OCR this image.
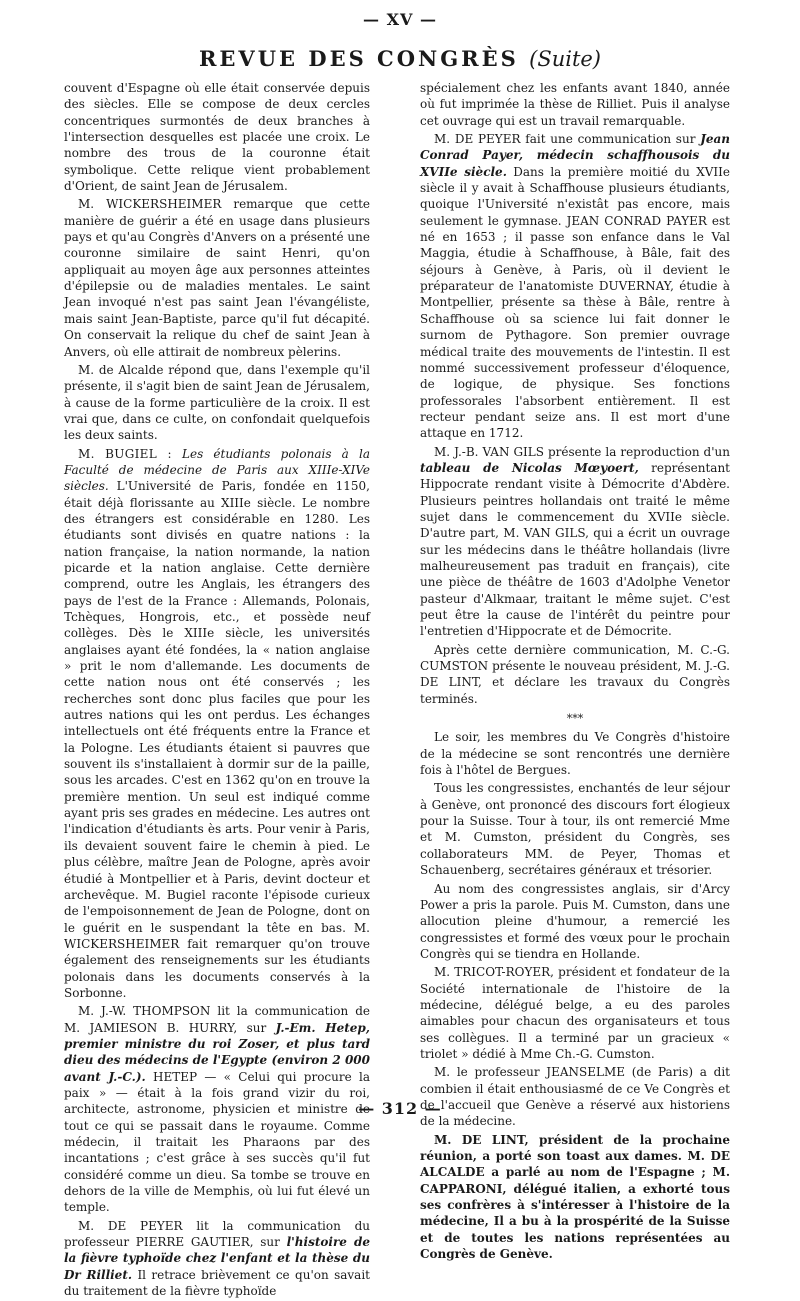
— XV —
REVUE DES CONGRÈS (Suite)

couvent d'Espagne où elle était conservée depuis des siècles. Elle se compose de deux cercles concentriques surmontés de deux branches à l'intersection desquelles est placée une croix. Le nombre des trous de la couronne était symbolique. Cette relique vient probablement d'Orient, de saint Jean de Jérusalem.

M. WICKERSHEIMER remarque que cette manière de guérir a été en usage dans plusieurs pays et qu'au Congrès d'Anvers on a présenté une couronne similaire de saint Henri, qu'on appliquait au moyen âge aux personnes atteintes d'épilepsie ou de maladies mentales. Le saint Jean invoqué n'est pas saint Jean l'évangéliste, mais saint Jean-Baptiste, parce qu'il fut décapité. On conservait la relique du chef de saint Jean à Anvers, où elle attirait de nombreux pèlerins.

M. de Alcalde répond que, dans l'exemple qu'il présente, il s'agit bien de saint Jean de Jérusalem, à cause de la forme particulière de la croix. Il est vrai que, dans ce culte, on confondait quelquefois les deux saints.

M. BUGIEL : Les étudiants polonais à la Faculté de médecine de Paris aux XIIIe-XIVe siècles. L'Université de Paris, fondée en 1150, était déjà florissante au XIIIe siècle. Le nombre des étrangers est considérable en 1280. Les étudiants sont divisés en quatre nations : la nation française, la nation normande, la nation picarde et la nation anglaise. Cette dernière comprend, outre les Anglais, les étrangers des pays de l'est de la France : Allemands, Polonais, Tchèques, Hongrois, etc., et possède neuf collèges. Dès le XIIIe siècle, les universités anglaises ayant été fondées, la « nation anglaise » prit le nom d'allemande. Les documents de cette nation nous ont été conservés ; les recherches sont donc plus faciles que pour les autres nations qui les ont perdus. Les échanges intellectuels ont été fréquents entre la France et la Pologne. Les étudiants étaient si pauvres que souvent ils s'installaient à dormir sur de la paille, sous les arcades. C'est en 1362 qu'on en trouve la première mention. Un seul est indiqué comme ayant pris ses grades en médecine. Les autres ont l'indication d'étudiants ès arts. Pour venir à Paris, ils devaient souvent faire le chemin à pied. Le plus célèbre, maître Jean de Pologne, après avoir étudié à Montpellier et à Paris, devint docteur et archevêque. M. Bugiel raconte l'épisode curieux de l'empoisonnement de Jean de Pologne, dont on le guérit en le suspendant la tête en bas. M. WICKERSHEIMER fait remarquer qu'on trouve également des renseignements sur les étudiants polonais dans les documents conservés à la Sorbonne.

M. J.-W. THOMPSON lit la communication de M. JAMIESON B. HURRY, sur J.-Em. Hetep, premier ministre du roi Zoser, et plus tard dieu des médecins de l'Egypte (environ 2 000 avant J.-C.). HETEP — « Celui qui procure la paix » — était à la fois grand vizir du roi, architecte, astronome, physicien et ministre de tout ce qui se passait dans le royaume. Comme médecin, il traitait les Pharaons par des incantations ; c'est grâce à ses succès qu'il fut considéré comme un dieu. Sa tombe se trouve en dehors de la ville de Memphis, où lui fut élevé un temple.

M. DE PEYER lit la communication du professeur PIERRE GAUTIER, sur l'histoire de la fièvre typhoïde chez l'enfant et la thèse du Dr Rilliet. Il retrace brièvement ce qu'on savait du traitement de la fièvre typhoïde

spécialement chez les enfants avant 1840, année où fut imprimée la thèse de Rilliet. Puis il analyse cet ouvrage qui est un travail remarquable.

M. DE PEYER fait une communication sur Jean Conrad Payer, médecin schaffhousois du XVIIe siècle. Dans la première moitié du XVIIe siècle il y avait à Schaffhouse plusieurs étudiants, quoique l'Université n'existât pas encore, mais seulement le gymnase. JEAN CONRAD PAYER est né en 1653 ; il passe son enfance dans le Val Maggia, étudie à Schaffhouse, à Bâle, fait des séjours à Genève, à Paris, où il devient le préparateur de l'anatomiste DUVERNAY, étudie à Montpellier, présente sa thèse à Bâle, rentre à Schaffhouse où sa science lui fait donner le surnom de Pythagore. Son premier ouvrage médical traite des mouvements de l'intestin. Il est nommé successivement professeur d'éloquence, de logique, de physique. Ses fonctions professorales l'absorbent entièrement. Il est recteur pendant seize ans. Il est mort d'une attaque en 1712.

M. J.-B. VAN GILS présente la reproduction d'un tableau de Nicolas Mœyoert, représentant Hippocrate rendant visite à Démocrite d'Abdère. Plusieurs peintres hollandais ont traité le même sujet dans le commencement du XVIIe siècle. D'autre part, M. VAN GILS, qui a écrit un ouvrage sur les médecins dans le théâtre hollandais (livre malheureusement pas traduit en français), cite une pièce de théâtre de 1603 d'Adolphe Venetor pasteur d'Alkmaar, traitant le même sujet. C'est peut être la cause de l'intérêt du peintre pour l'entretien d'Hippocrate et de Démocrite.

Après cette dernière communication, M. C.-G. CUMSTON présente le nouveau président, M. J.-G. DE LINT, et déclare les travaux du Congrès terminés.

***

Le soir, les membres du Ve Congrès d'histoire de la médecine se sont rencontrés une dernière fois à l'hôtel de Bergues.

Tous les congressistes, enchantés de leur séjour à Genève, ont prononcé des discours fort élogieux pour la Suisse. Tour à tour, ils ont remercié Mme et M. Cumston, président du Congrès, ses collaborateurs MM. de Peyer, Thomas et Schauenberg, secrétaires généraux et trésorier.

Au nom des congressistes anglais, sir d'Arcy Power a pris la parole. Puis M. Cumston, dans une allocution pleine d'humour, a remercié les congressistes et formé des vœux pour le prochain Congrès qui se tiendra en Hollande.

M. TRICOT-ROYER, président et fondateur de la Société internationale de l'histoire de la médecine, délégué belge, a eu des paroles aimables pour chacun des organisateurs et tous ses collègues. Il a terminé par un gracieux « triolet » dédié à Mme Ch.-G. Cumston.

M. le professeur JEANSELME (de Paris) a dit combien il était enthousiasmé de ce Ve Congrès et de l'accueil que Genève a réservé aux historiens de la médecine.

M. DE LINT, président de la prochaine réunion, a porté son toast aux dames. M. DE ALCALDE a parlé au nom de l'Espagne ; M. CAPPARONI, délégué italien, a exhorté tous ses confrères à s'intéresser à l'histoire de la médecine, Il a bu à la prospérité de la Suisse et de toutes les nations représentées au Congrès de Genève.

— 312 —
